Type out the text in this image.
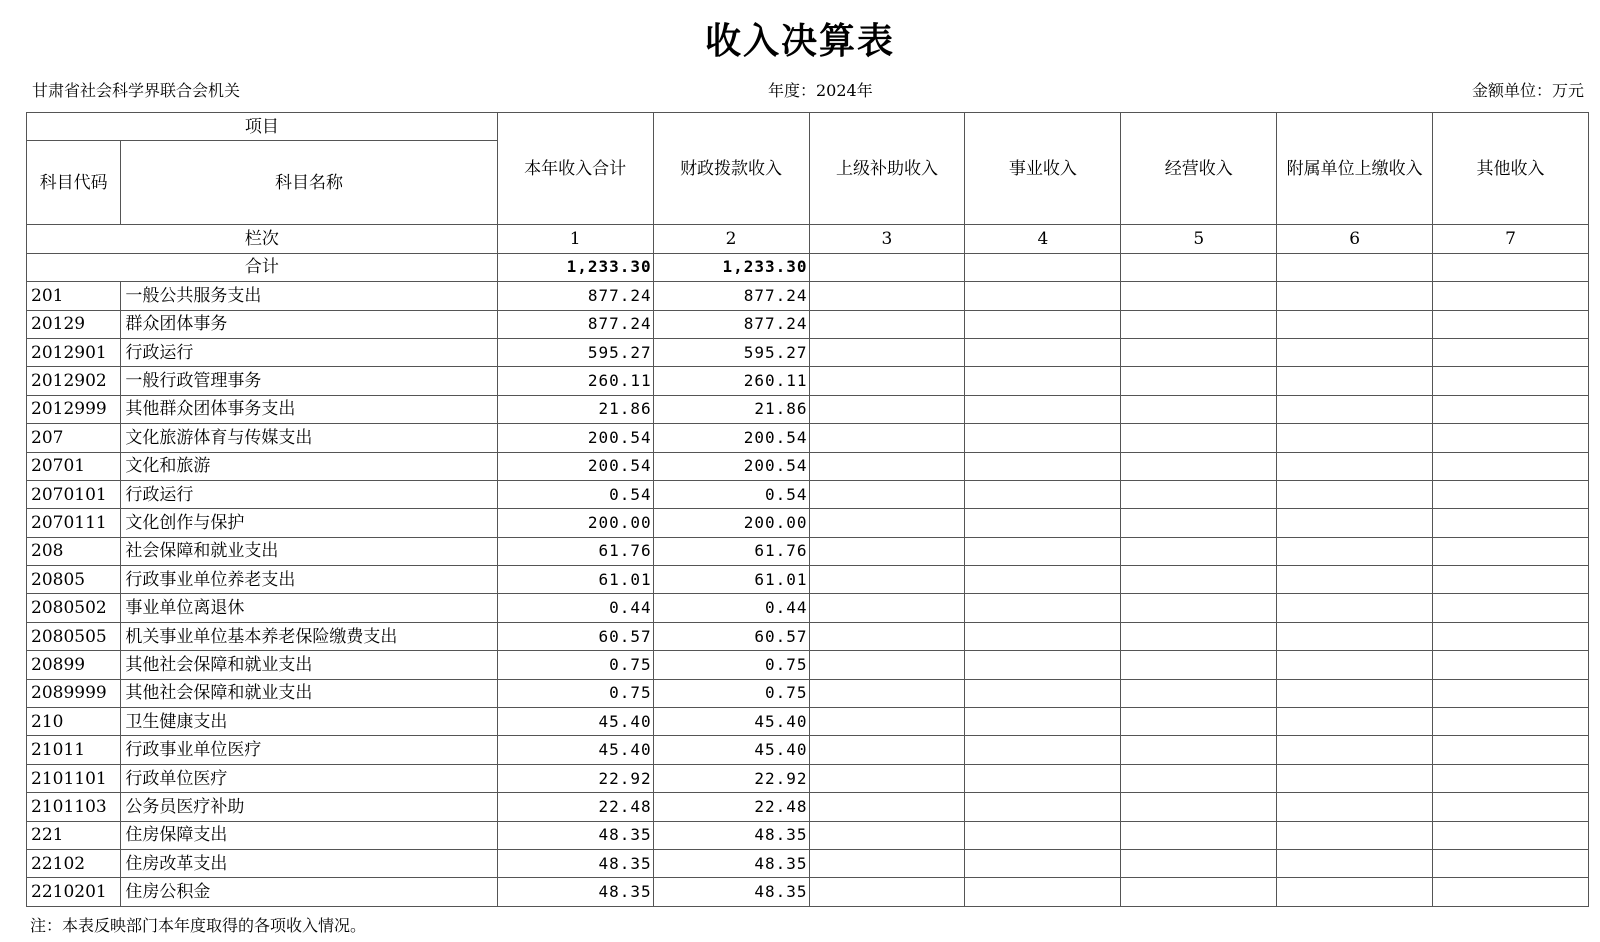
收入决算表
甘肃省社会科学界联合会机关	年度：2024年	金额单位：万元
项目		本年收入合计	财政拨款收入	上级补助收入	事业收入	经营收入	附属单位上缴收入	其他收入
科目代码	科目名称							
栏次		1	2	3	4	5	6	7
合计		1,233.30	1,233.30					
201	一般公共服务支出	877.24	877.24					
20129	群众团体事务	877.24	877.24					
2012901	行政运行	595.27	595.27					
2012902	一般行政管理事务	260.11	260.11					
2012999	其他群众团体事务支出	21.86	21.86					
207	文化旅游体育与传媒支出	200.54	200.54					
20701	文化和旅游	200.54	200.54					
2070101	行政运行	0.54	0.54					
2070111	文化创作与保护	200.00	200.00					
208	社会保障和就业支出	61.76	61.76					
20805	行政事业单位养老支出	61.01	61.01					
2080502	事业单位离退休	0.44	0.44					
2080505	机关事业单位基本养老保险缴费支出	60.57	60.57					
20899	其他社会保障和就业支出	0.75	0.75					
2089999	其他社会保障和就业支出	0.75	0.75					
210	卫生健康支出	45.40	45.40					
21011	行政事业单位医疗	45.40	45.40					
2101101	行政单位医疗	22.92	22.92					
2101103	公务员医疗补助	22.48	22.48					
221	住房保障支出	48.35	48.35					
22102	住房改革支出	48.35	48.35					
2210201	住房公积金	48.35	48.35					
注：本表反映部门本年度取得的各项收入情况。
